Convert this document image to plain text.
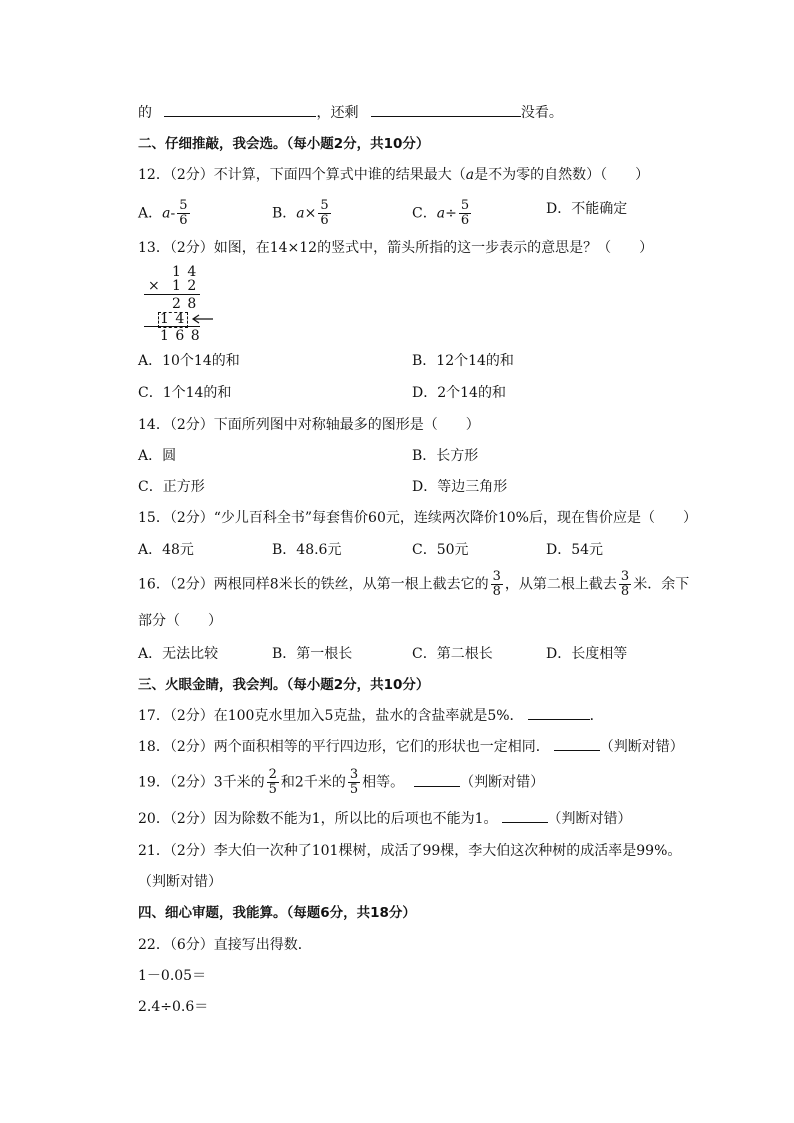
的	，还剩	没看。
二、仔细推敲，我会选。（每小题2分，共10分）
12．（2分）不计算，下面四个算式中谁的结果最大（a是不为零的自然数）（　　）
A．$a- \frac{5}{6}$	B．$a\times \frac{5}{6}$	C．$a\div \frac{5}{6}$	D．不能确定
13．（2分）如图，在14×12的竖式中，箭头所指的这一步表示的意思是？（　　）
1 4
× 1 2
2 8
1 4
1 6 8
A．10个14的和	B．12个14的和
C．1个14的和	D．2个14的和
14．（2分）下面所列图中对称轴最多的图形是（　　）
A．圆	B．长方形
C．正方形	D．等边三角形
15．（2分）“少儿百科全书”每套售价60元，连续两次降价10%后，现在售价应是（　　）
A．48元	B．48.6元	C．50元	D．54元
16．（2分）两根同样8米长的铁丝，从第一根上截去它的 $\frac{3}{8}$ ，从第二根上截去 $\frac{3}{8}$ 米．余下
部分（　　）
A．无法比较	B．第一根长	C．第二根长	D．长度相等
三、火眼金睛，我会判。（每小题2分，共10分）
17．（2分）在100克水里加入5克盐，盐水的含盐率就是5%．	．
18．（2分）两个面积相等的平行四边形，它们的形状也一定相同．	（判断对错）
19．（2分）3千米的 $\frac{2}{5}$ 和2千米的 $\frac{3}{5}$ 相等。	（判断对错）
20．（2分）因为除数不能为1，所以比的后项也不能为1。	（判断对错）
21．（2分）李大伯一次种了101棵树，成活了99棵，李大伯这次种树的成活率是99%。
（判断对错）
四、细心审题，我能算。（每题6分，共18分）
22．（6分）直接写出得数．
1－0.05＝
2.4÷0.6＝
